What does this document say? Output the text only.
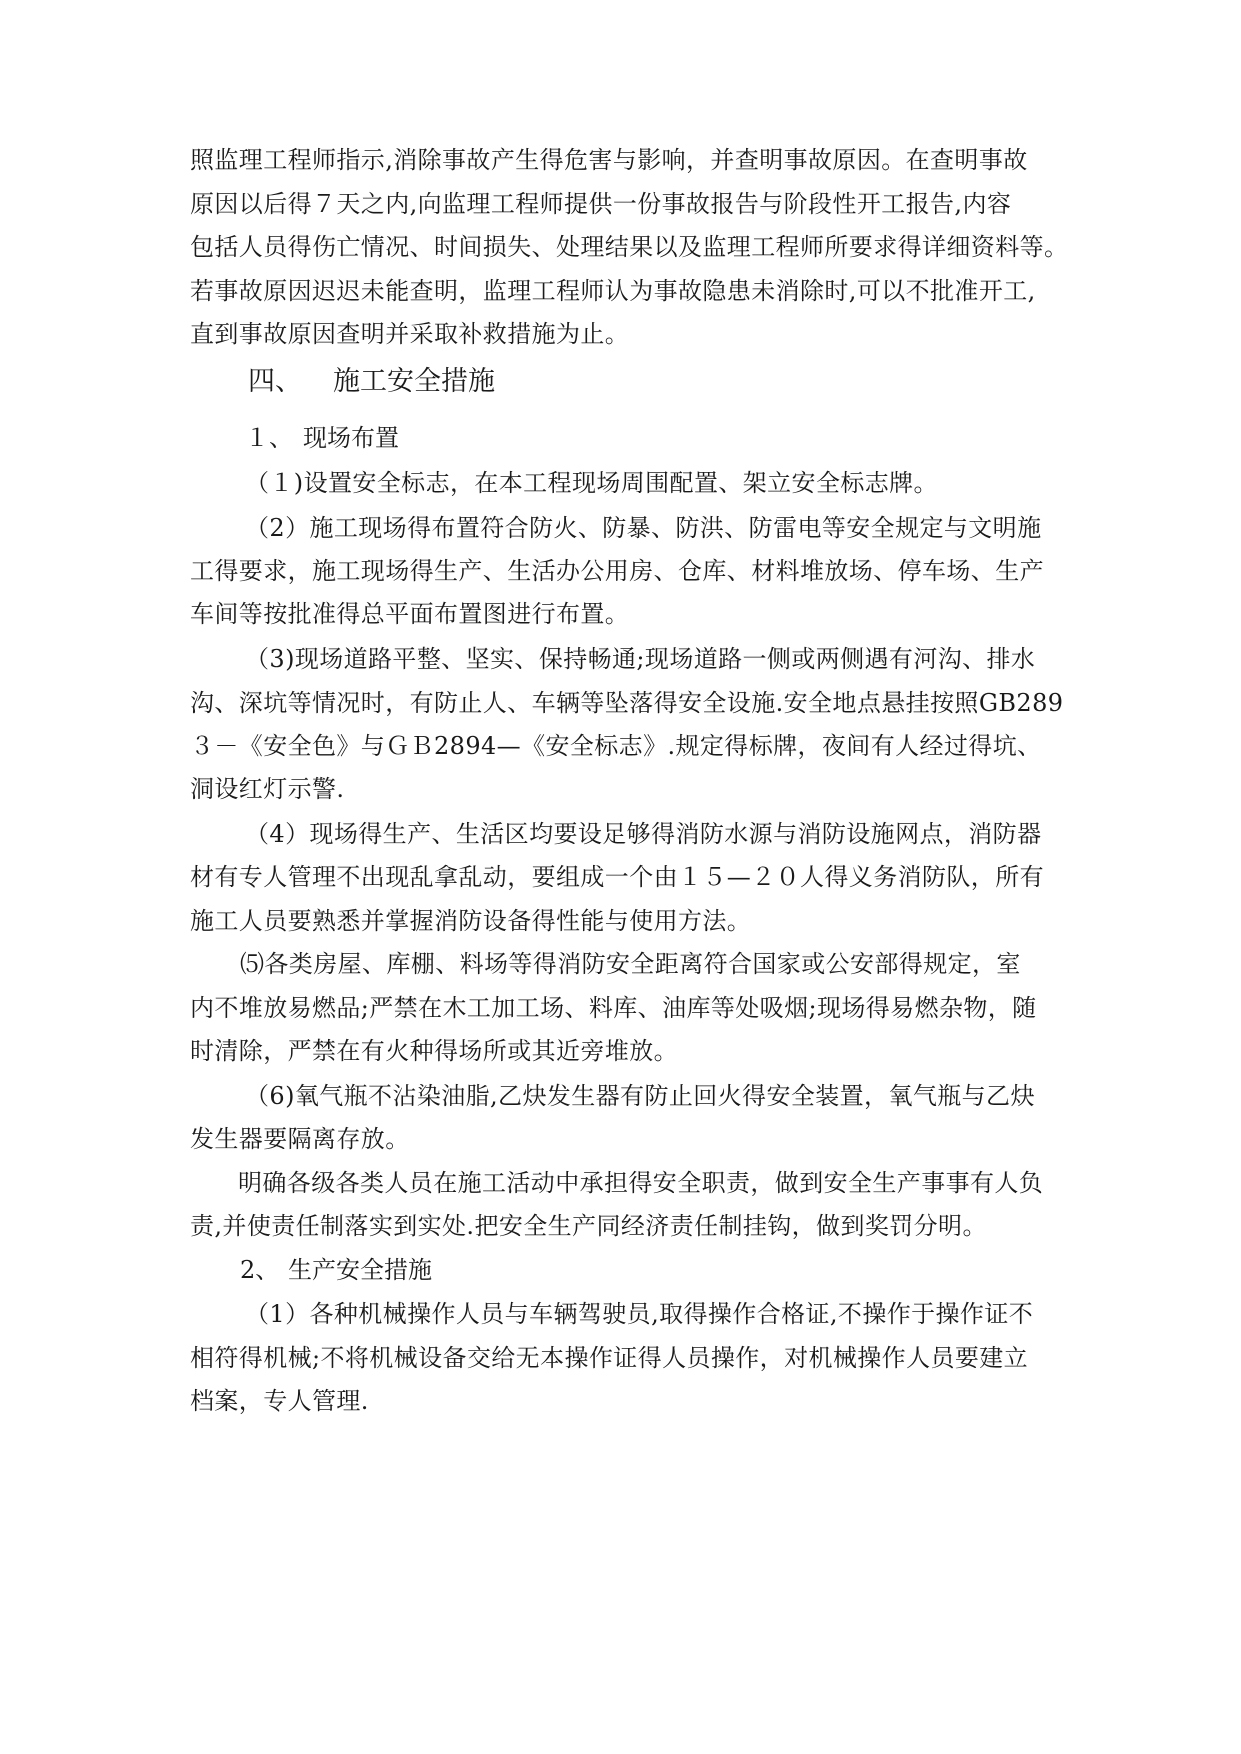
照监理工程师指示,消除事故产生得危害与影响，并查明事故原因。在查明事故
原因以后得７天之内,向监理工程师提供一份事故报告与阶段性开工报告,内容
包括人员得伤亡情况、时间损失、处理结果以及监理工程师所要求得详细资料等。
若事故原因迟迟未能查明，监理工程师认为事故隐患未消除时,可以不批准开工,
直到事故原因查明并采取补救措施为止。
四、 施工安全措施
１、 现场布置
（１)设置安全标志，在本工程现场周围配置、架立安全标志牌。
（2）施工现场得布置符合防火、防暴、防洪、防雷电等安全规定与文明施
工得要求，施工现场得生产、生活办公用房、仓库、材料堆放场、停车场、生产
车间等按批准得总平面布置图进行布置。
（3)现场道路平整、坚实、保持畅通;现场道路一侧或两侧遇有河沟、排水
沟、深坑等情况时，有防止人、车辆等坠落得安全设施.安全地点悬挂按照GB289
３－《安全色》与ＧＢ2894—《安全标志》.规定得标牌，夜间有人经过得坑、
洞设红灯示警.
（4）现场得生产、生活区均要设足够得消防水源与消防设施网点，消防器
材有专人管理不出现乱拿乱动，要组成一个由１５—２０人得义务消防队，所有
施工人员要熟悉并掌握消防设备得性能与使用方法。
⑸各类房屋、库棚、料场等得消防安全距离符合国家或公安部得规定，室
内不堆放易燃品;严禁在木工加工场、料库、油库等处吸烟;现场得易燃杂物，随
时清除，严禁在有火种得场所或其近旁堆放。
（6)氧气瓶不沾染油脂,乙炔发生器有防止回火得安全装置，氧气瓶与乙炔
发生器要隔离存放。
明确各级各类人员在施工活动中承担得安全职责，做到安全生产事事有人负
责,并使责任制落实到实处.把安全生产同经济责任制挂钩，做到奖罚分明。
2、 生产安全措施
（1）各种机械操作人员与车辆驾驶员,取得操作合格证,不操作于操作证不
相符得机械;不将机械设备交给无本操作证得人员操作，对机械操作人员要建立
档案，专人管理.
